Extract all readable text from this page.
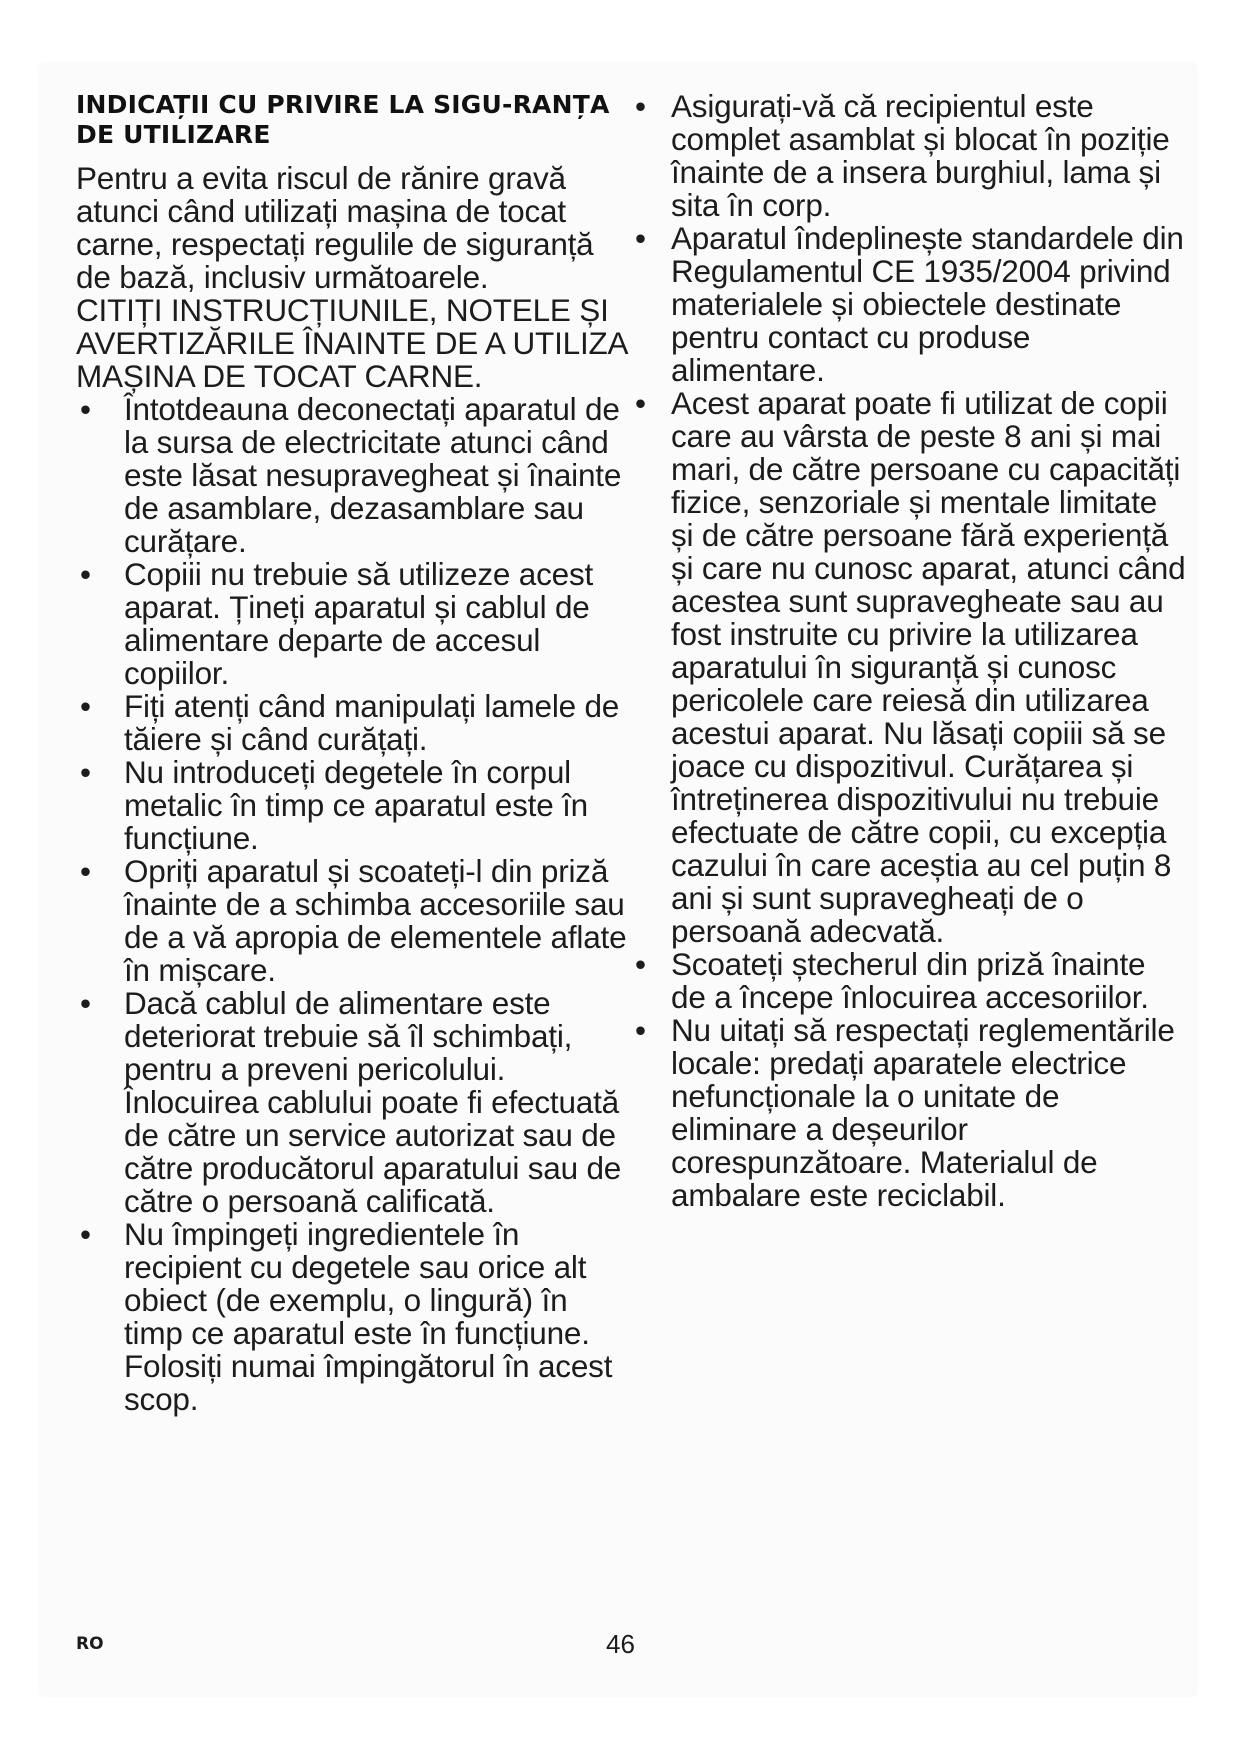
INDICAȚII CU PRIVIRE LA SIGU-RANȚA DE UTILIZARE

Pentru a evita riscul de rănire gravă atunci când utilizați mașina de tocat carne, respectați regulile de siguranță de bază, inclusiv următoarele.

CITIȚI INSTRUCȚIUNILE, NOTELE ȘI AVERTIZĂRILE ÎNAINTE DE A UTILIZA MAȘINA DE TOCAT CARNE.

• Întotdeauna deconectați aparatul de la sursa de electricitate atunci când este lăsat nesupravegheat și înainte de asamblare, dezasamblare sau curățare.
• Copiii nu trebuie să utilizeze acest aparat. Țineți aparatul și cablul de alimentare departe de accesul copiilor.
• Fiți atenți când manipulați lamele de tăiere și când curățați.
• Nu introduceți degetele în corpul metalic în timp ce aparatul este în funcțiune.
• Opriți aparatul și scoateți-l din priză înainte de a schimba accesoriile sau de a vă apropia de elementele aflate în mișcare.
• Dacă cablul de alimentare este deteriorat trebuie să îl schimbați, pentru a preveni pericolului. Înlocuirea cablului poate fi efectuată de către un service autorizat sau de către producătorul aparatului sau de către o persoană calificată.
• Nu împingeți ingredientele în recipient cu degetele sau orice alt obiect (de exemplu, o lingură) în timp ce aparatul este în funcțiune. Folosiți numai împingătorul în acest scop.
• Asigurați-vă că recipientul este complet asamblat și blocat în poziție înainte de a insera burghiul, lama și sita în corp.
• Aparatul îndeplinește standardele din Regulamentul CE 1935/2004 privind materialele și obiectele destinate pentru contact cu produse alimentare.
• Acest aparat poate fi utilizat de copii care au vârsta de peste 8 ani și mai mari, de către persoane cu capacități fizice, senzoriale și mentale limitate și de către persoane fără experiență și care nu cunosc aparat, atunci când acestea sunt supravegheate sau au fost instruite cu privire la utilizarea aparatului în siguranță și cunosc pericolele care reiesă din utilizarea acestui aparat. Nu lăsați copiii să se joace cu dispozitivul. Curățarea și întreținerea dispozitivului nu trebuie efectuate de către copii, cu excepția cazului în care aceștia au cel puțin 8 ani și sunt supravegheați de o persoană adecvată.
• Scoateți ștecherul din priză înainte de a începe înlocuirea accesoriilor.
• Nu uitați să respectați reglementările locale: predați aparatele electrice nefuncționale la o unitate de eliminare a deșeurilor corespunzătoare. Materialul de ambalare este reciclabil.
RO	46
